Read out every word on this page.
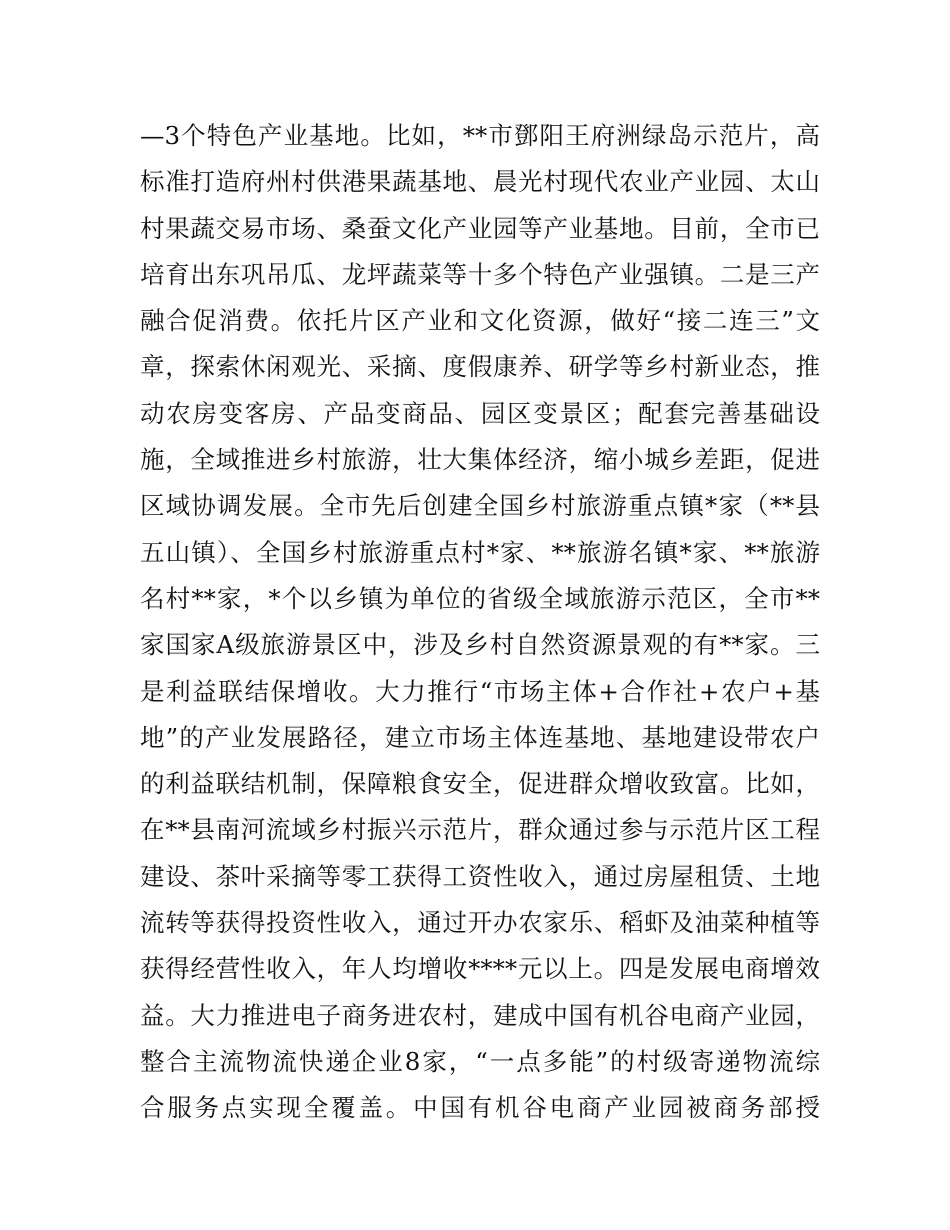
—3个特色产业基地。比如，**市鄧阳王府洲绿岛示范片，高
标准打造府州村供港果蔬基地、晨光村现代农业产业园、太山
村果蔬交易市场、桑蚕文化产业园等产业基地。目前，全市已
培育出东巩吊瓜、龙坪蔬菜等十多个特色产业强镇。二是三产
融合促消费。依托片区产业和文化资源，做好“接二连三”文
章，探索休闲观光、采摘、度假康养、研学等乡村新业态，推
动农房变客房、产品变商品、园区变景区；配套完善基础设
施，全域推进乡村旅游，壮大集体经济，缩小城乡差距，促进
区域协调发展。全市先后创建全国乡村旅游重点镇*家（**县
五山镇）、全国乡村旅游重点村*家、**旅游名镇*家、**旅游
名村**家，*个以乡镇为单位的省级全域旅游示范区，全市**
家国家A级旅游景区中，涉及乡村自然资源景观的有**家。三
是利益联结保增收。大力推行“市场主体+合作社+农户+基
地”的产业发展路径，建立市场主体连基地、基地建设带农户
的利益联结机制，保障粮食安全，促进群众增收致富。比如，
在**县南河流域乡村振兴示范片，群众通过参与示范片区工程
建设、茶叶采摘等零工获得工资性收入，通过房屋租赁、土地
流转等获得投资性收入，通过开办农家乐、稻虾及油菜种植等
获得经营性收入，年人均增收****元以上。四是发展电商增效
益。大力推进电子商务进农村，建成中国有机谷电商产业园，
整合主流物流快递企业8家，“一点多能”的村级寄递物流综
合服务点实现全覆盖。中国有机谷电商产业园被商务部授
